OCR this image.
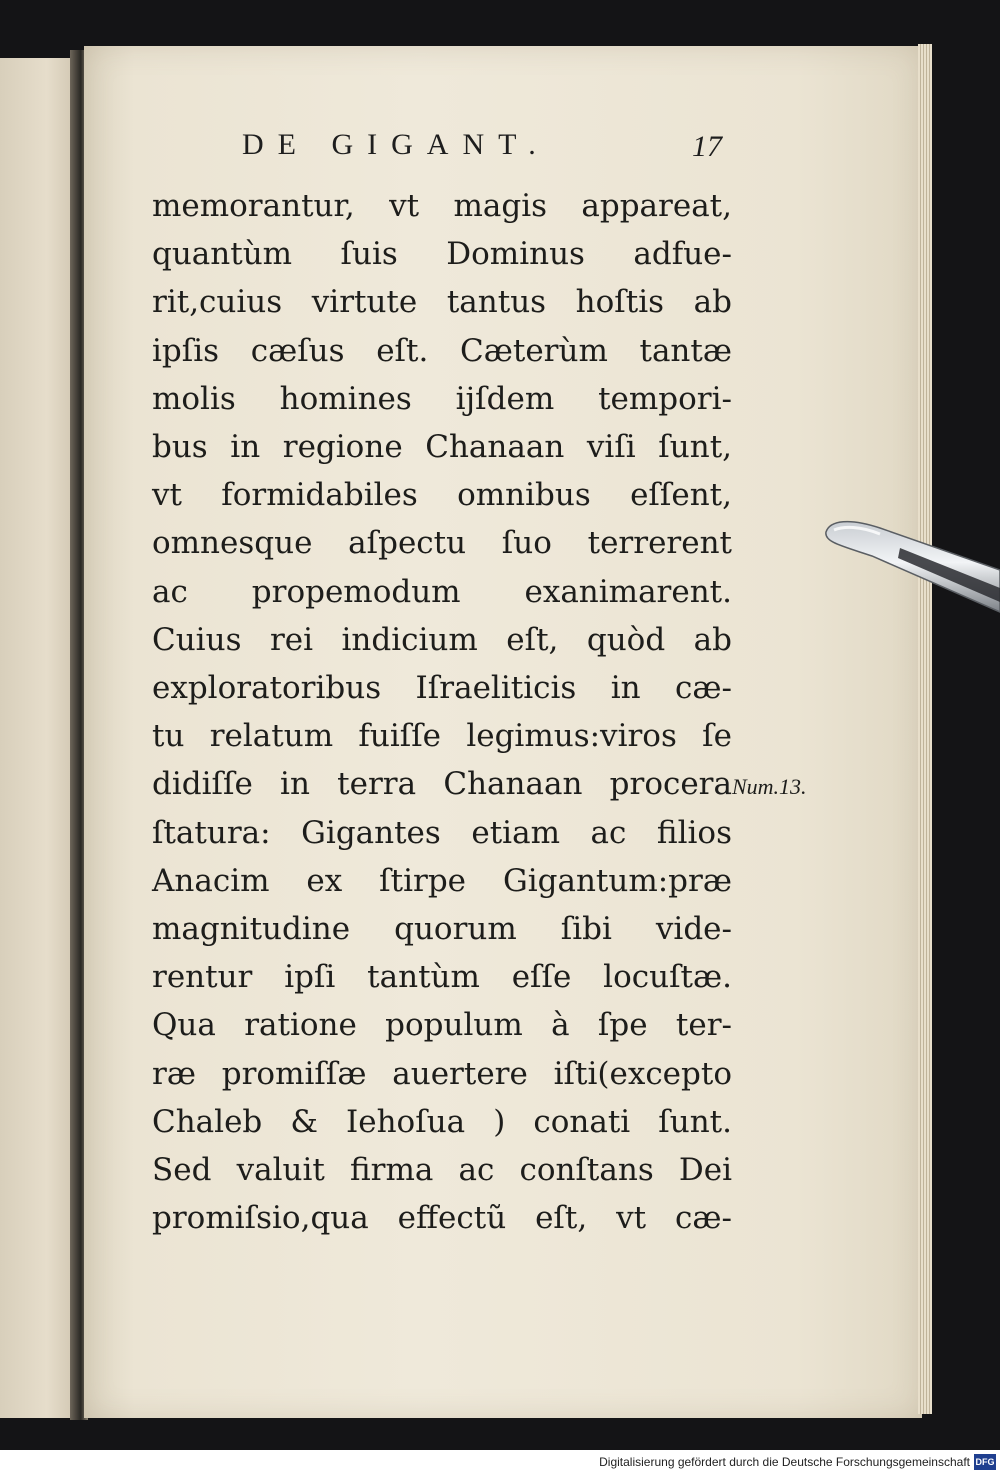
DE GIGANT.	17
memorantur, vt magis appareat,
quantùm ſuis Dominus adfue-
rit,cuius virtute tantus hoſtis ab
ipſis cæſus eſt. Cæterùm tantæ
molis homines ijſdem tempori-
bus in regione Chanaan viſi ſunt,
vt formidabiles omnibus eſſent,
omnesque aſpectu ſuo terrerent
ac propemodum exanimarent.
Cuius rei indicium eſt, quòd ab
exploratoribus Iſraeliticis in cæ-
tu relatum fuiſſe legimus:viros ſe
didiſſe in terra Chanaan procera
ſtatura: Gigantes etiam ac filios
Anacim ex ſtirpe Gigantum:præ
magnitudine quorum ſibi vide-
rentur ipſi tantùm eſſe locuſtæ.
Qua ratione populum à ſpe ter-
ræ promiſſæ auertere iſti(excepto
Chaleb & Iehoſua ) conati ſunt.
Sed valuit firma ac conſtans Dei
promiſsio,qua effectũ eſt, vt cæ-
Num.13.
Digitalisierung gefördert durch die Deutsche Forschungsgemeinschaft DFG
